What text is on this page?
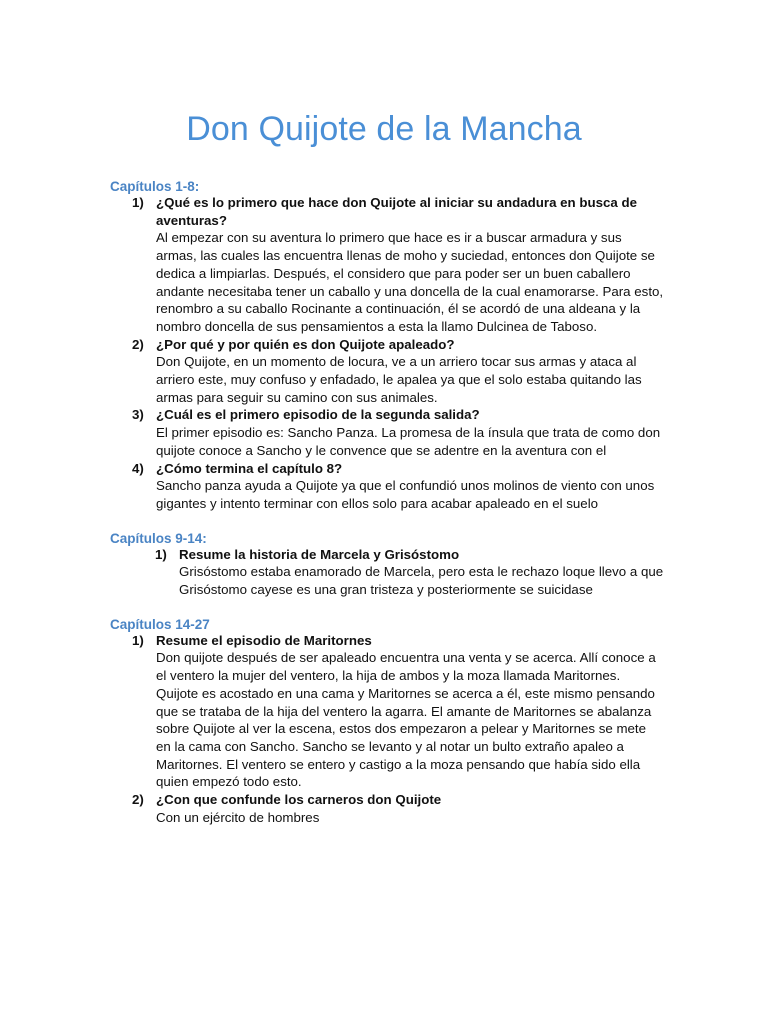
Don Quijote de la Mancha

Capítulos 1-8:

1) ¿Qué es lo primero que hace don Quijote al iniciar su andadura en busca de aventuras?
Al empezar con su aventura lo primero que hace es ir a buscar armadura y sus armas, las cuales las encuentra llenas de moho y suciedad, entonces don Quijote se dedica a limpiarlas. Después, el considero que para poder ser un buen caballero andante necesitaba tener un caballo y una doncella de la cual enamorarse. Para esto, renombro a su caballo Rocinante a continuación, él se acordó de una aldeana y la nombro doncella de sus pensamientos a esta la llamo Dulcinea de Taboso.
2) ¿Por qué y por quién es don Quijote apaleado?
Don Quijote, en un momento de locura, ve a un arriero tocar sus armas y ataca al arriero este, muy confuso y enfadado, le apalea ya que el solo estaba quitando las armas para seguir su camino con sus animales.
3) ¿Cuál es el primero episodio de la segunda salida?
El primer episodio es: Sancho Panza. La promesa de la ínsula que trata de como don quijote conoce a Sancho y le convence que se adentre en la aventura con el
4) ¿Cómo termina el capítulo 8?
Sancho panza ayuda a Quijote ya que el confundió unos molinos de viento con unos gigantes y intento terminar con ellos solo para acabar apaleado en el suelo

Capítulos 9-14:

1) Resume la historia de Marcela y Grisóstomo
Grisóstomo estaba enamorado de Marcela, pero esta le rechazo loque llevo a que Grisóstomo cayese es una gran tristeza y posteriormente se suicidase

Capítulos 14-27

1) Resume el episodio de Maritornes
Don quijote después de ser apaleado encuentra una venta y se acerca. Allí conoce a el ventero la mujer del ventero, la hija de ambos y la moza llamada Maritornes. Quijote es acostado en una cama y Maritornes se acerca a él, este mismo pensando que se trataba de la hija del ventero la agarra. El amante de Maritornes se abalanza sobre Quijote al ver la escena, estos dos empezaron a pelear y Maritornes se mete en la cama con Sancho. Sancho se levanto y al notar un bulto extraño apaleo a Maritornes. El ventero se entero y castigo a la moza pensando que había sido ella quien empezó todo esto.
2) ¿Con que confunde los carneros don Quijote
Con un ejército de hombres
